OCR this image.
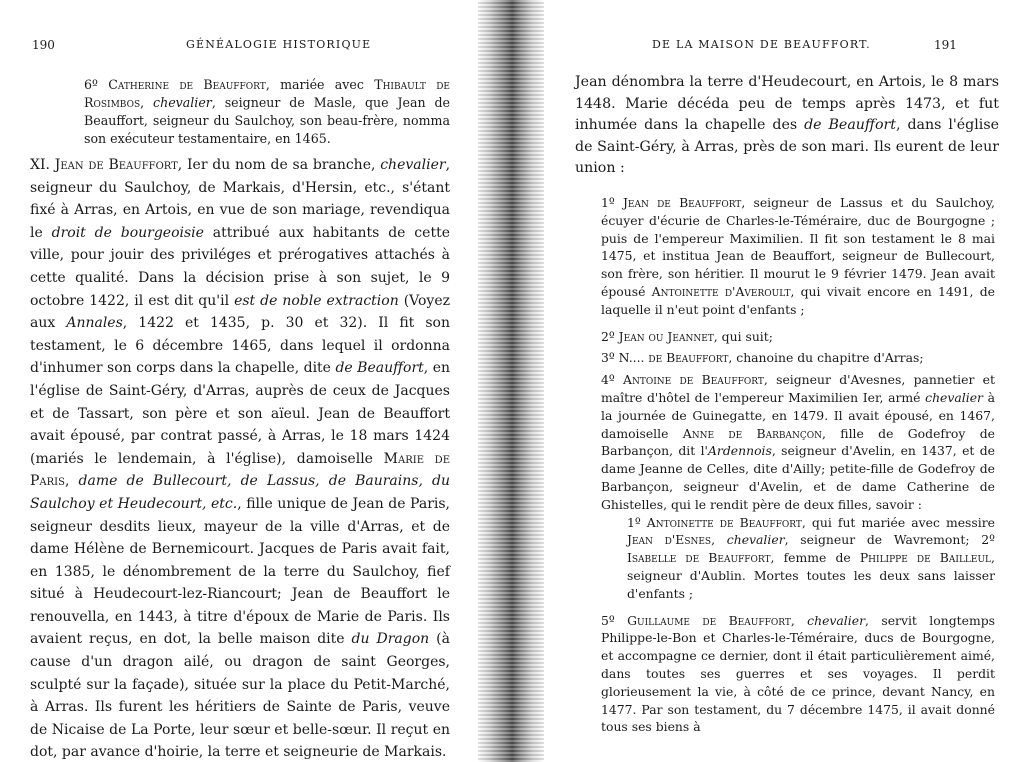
190	GÉNÉALOGIE HISTORIQUE

6º Catherine de Beauffort, mariée avec Thibault de Rosimbos, chevalier, seigneur de Masle, que Jean de Beauffort, seigneur du Saulchoy, son beau-frère, nomma son exécuteur testamentaire, en 1465.

XI. Jean de Beauffort, Ier du nom de sa branche, chevalier, seigneur du Saulchoy, de Markais, d'Hersin, etc., s'étant fixé à Arras, en Artois, en vue de son mariage, revendiqua le droit de bourgeoisie attribué aux habitants de cette ville, pour jouir des priviléges et prérogatives attachés à cette qualité. Dans la décision prise à son sujet, le 9 octobre 1422, il est dit qu'il est de noble extraction (Voyez aux Annales, 1422 et 1435, p. 30 et 32). Il fit son testament, le 6 décembre 1465, dans lequel il ordonna d'inhumer son corps dans la chapelle, dite de Beauffort, en l'église de Saint-Géry, d'Arras, auprès de ceux de Jacques et de Tassart, son père et son aïeul. Jean de Beauffort avait épousé, par contrat passé, à Arras, le 18 mars 1424 (mariés le lendemain, à l'église), damoiselle Marie de Paris, dame de Bullecourt, de Lassus, de Baurains, du Saulchoy et Heudecourt, etc., fille unique de Jean de Paris, seigneur desdits lieux, mayeur de la ville d'Arras, et de dame Hélène de Bernemicourt. Jacques de Paris avait fait, en 1385, le dénombrement de la terre du Saulchoy, fief situé à Heudecourt-lez-Riancourt; Jean de Beauffort le renouvella, en 1443, à titre d'époux de Marie de Paris. Ils avaient reçus, en dot, la belle maison dite du Dragon (à cause d'un dragon ailé, ou dragon de saint Georges, sculpté sur la façade), située sur la place du Petit-Marché, à Arras. Ils furent les héritiers de Sainte de Paris, veuve de Nicaise de La Porte, leur sœur et belle-sœur. Il reçut en dot, par avance d'hoirie, la terre et seigneurie de Markais.

DE LA MAISON DE BEAUFFORT.	191

Jean dénombra la terre d'Heudecourt, en Artois, le 8 mars 1448. Marie décéda peu de temps après 1473, et fut inhumée dans la chapelle des de Beauffort, dans l'église de Saint-Géry, à Arras, près de son mari. Ils eurent de leur union :

1º Jean de Beauffort, seigneur de Lassus et du Saulchoy, écuyer d'écurie de Charles-le-Téméraire, duc de Bourgogne ; puis de l'empereur Maximilien. Il fit son testament le 8 mai 1475, et institua Jean de Beauffort, seigneur de Bullecourt, son frère, son héritier. Il mourut le 9 février 1479. Jean avait épousé Antoinette d'Averoult, qui vivait encore en 1491, de laquelle il n'eut point d'enfants ;

2º Jean ou Jeannet, qui suit;

3º N.... de Beauffort, chanoine du chapitre d'Arras;

4º Antoine de Beauffort, seigneur d'Avesnes, pannetier et maître d'hôtel de l'empereur Maximilien Ier, armé chevalier à la journée de Guinegatte, en 1479. Il avait épousé, en 1467, damoiselle Anne de Barbançon, fille de Godefroy de Barbançon, dit l'Ardennois, seigneur d'Avelin, en 1437, et de dame Jeanne de Celles, dite d'Ailly; petite-fille de Godefroy de Barbançon, seigneur d'Avelin, et de dame Catherine de Ghistelles, qui le rendit père de deux filles, savoir :

1º Antoinette de Beauffort, qui fut mariée avec messire Jean d'Esnes, chevalier, seigneur de Wavremont; 2º Isabelle de Beauffort, femme de Philippe de Bailleul, seigneur d'Aublin. Mortes toutes les deux sans laisser d'enfants ;

5º Guillaume de Beauffort, chevalier, servit longtemps Philippe-le-Bon et Charles-le-Téméraire, ducs de Bourgogne, et accompagne ce dernier, dont il était particulièrement aimé, dans toutes ses guerres et ses voyages. Il perdit glorieusement la vie, à côté de ce prince, devant Nancy, en 1477. Par son testament, du 7 décembre 1475, il avait donné tous ses biens à
